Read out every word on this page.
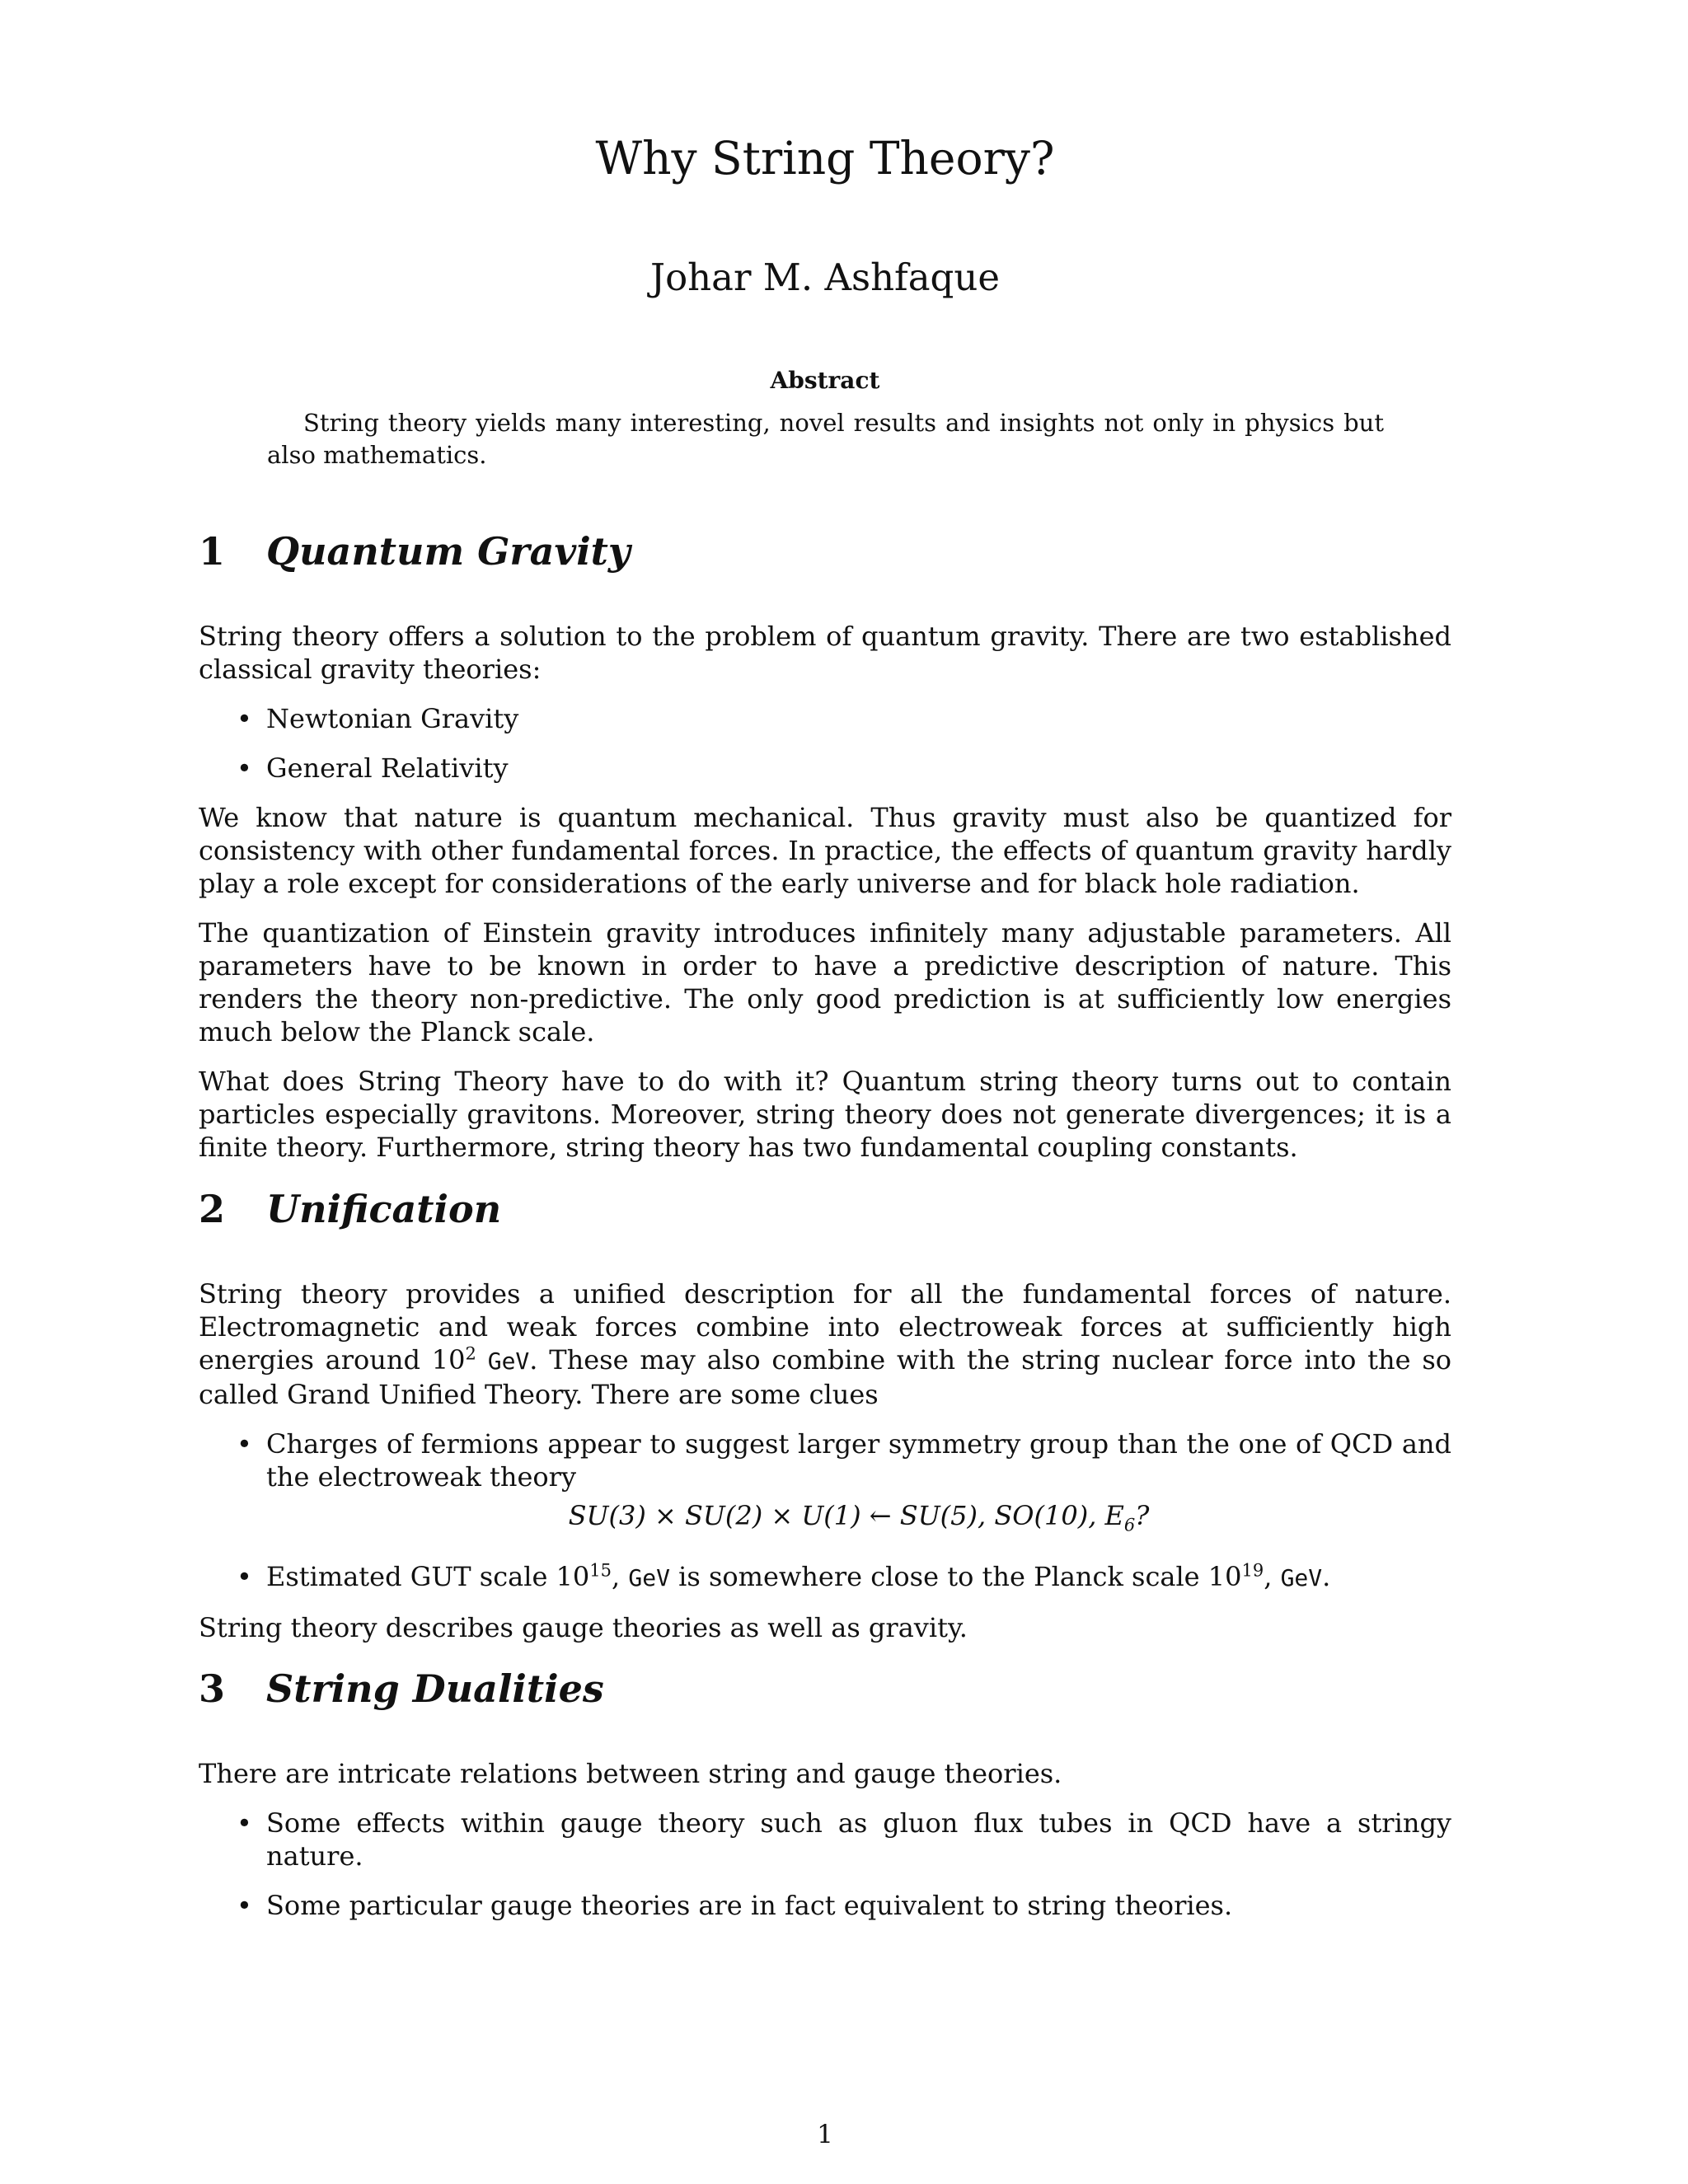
Why String Theory?
Johar M. Ashfaque
Abstract

String theory yields many interesting, novel results and insights not only in physics but also mathematics.

1 Quantum Gravity

String theory offers a solution to the problem of quantum gravity. There are two established classical gravity theories:

• Newtonian Gravity
• General Relativity

We know that nature is quantum mechanical. Thus gravity must also be quantized for consistency with other fundamental forces. In practice, the effects of quantum gravity hardly play a role except for considerations of the early universe and for black hole radiation.

The quantization of Einstein gravity introduces infinitely many adjustable parameters. All parameters have to be known in order to have a predictive description of nature. This renders the theory non-predictive. The only good prediction is at sufficiently low energies much below the Planck scale.

What does String Theory have to do with it? Quantum string theory turns out to contain particles especially gravitons. Moreover, string theory does not generate divergences; it is a finite theory. Furthermore, string theory has two fundamental coupling constants.

2 Unification

String theory provides a unified description for all the fundamental forces of nature. Electromagnetic and weak forces combine into electroweak forces at sufficiently high energies around $10^2$ GeV. These may also combine with the string nuclear force into the so called Grand Unified Theory. There are some clues

• Charges of fermions appear to suggest larger symmetry group than the one of QCD and the electroweak theory
SU(3) × SU(2) × U(1) ← SU(5), SO(10), $E_6$?
• Estimated GUT scale $10^{15}$, GeV is somewhere close to the Planck scale $10^{19}$, GeV.

String theory describes gauge theories as well as gravity.

3 String Dualities

There are intricate relations between string and gauge theories.

• Some effects within gauge theory such as gluon flux tubes in QCD have a stringy nature.
• Some particular gauge theories are in fact equivalent to string theories.
1
